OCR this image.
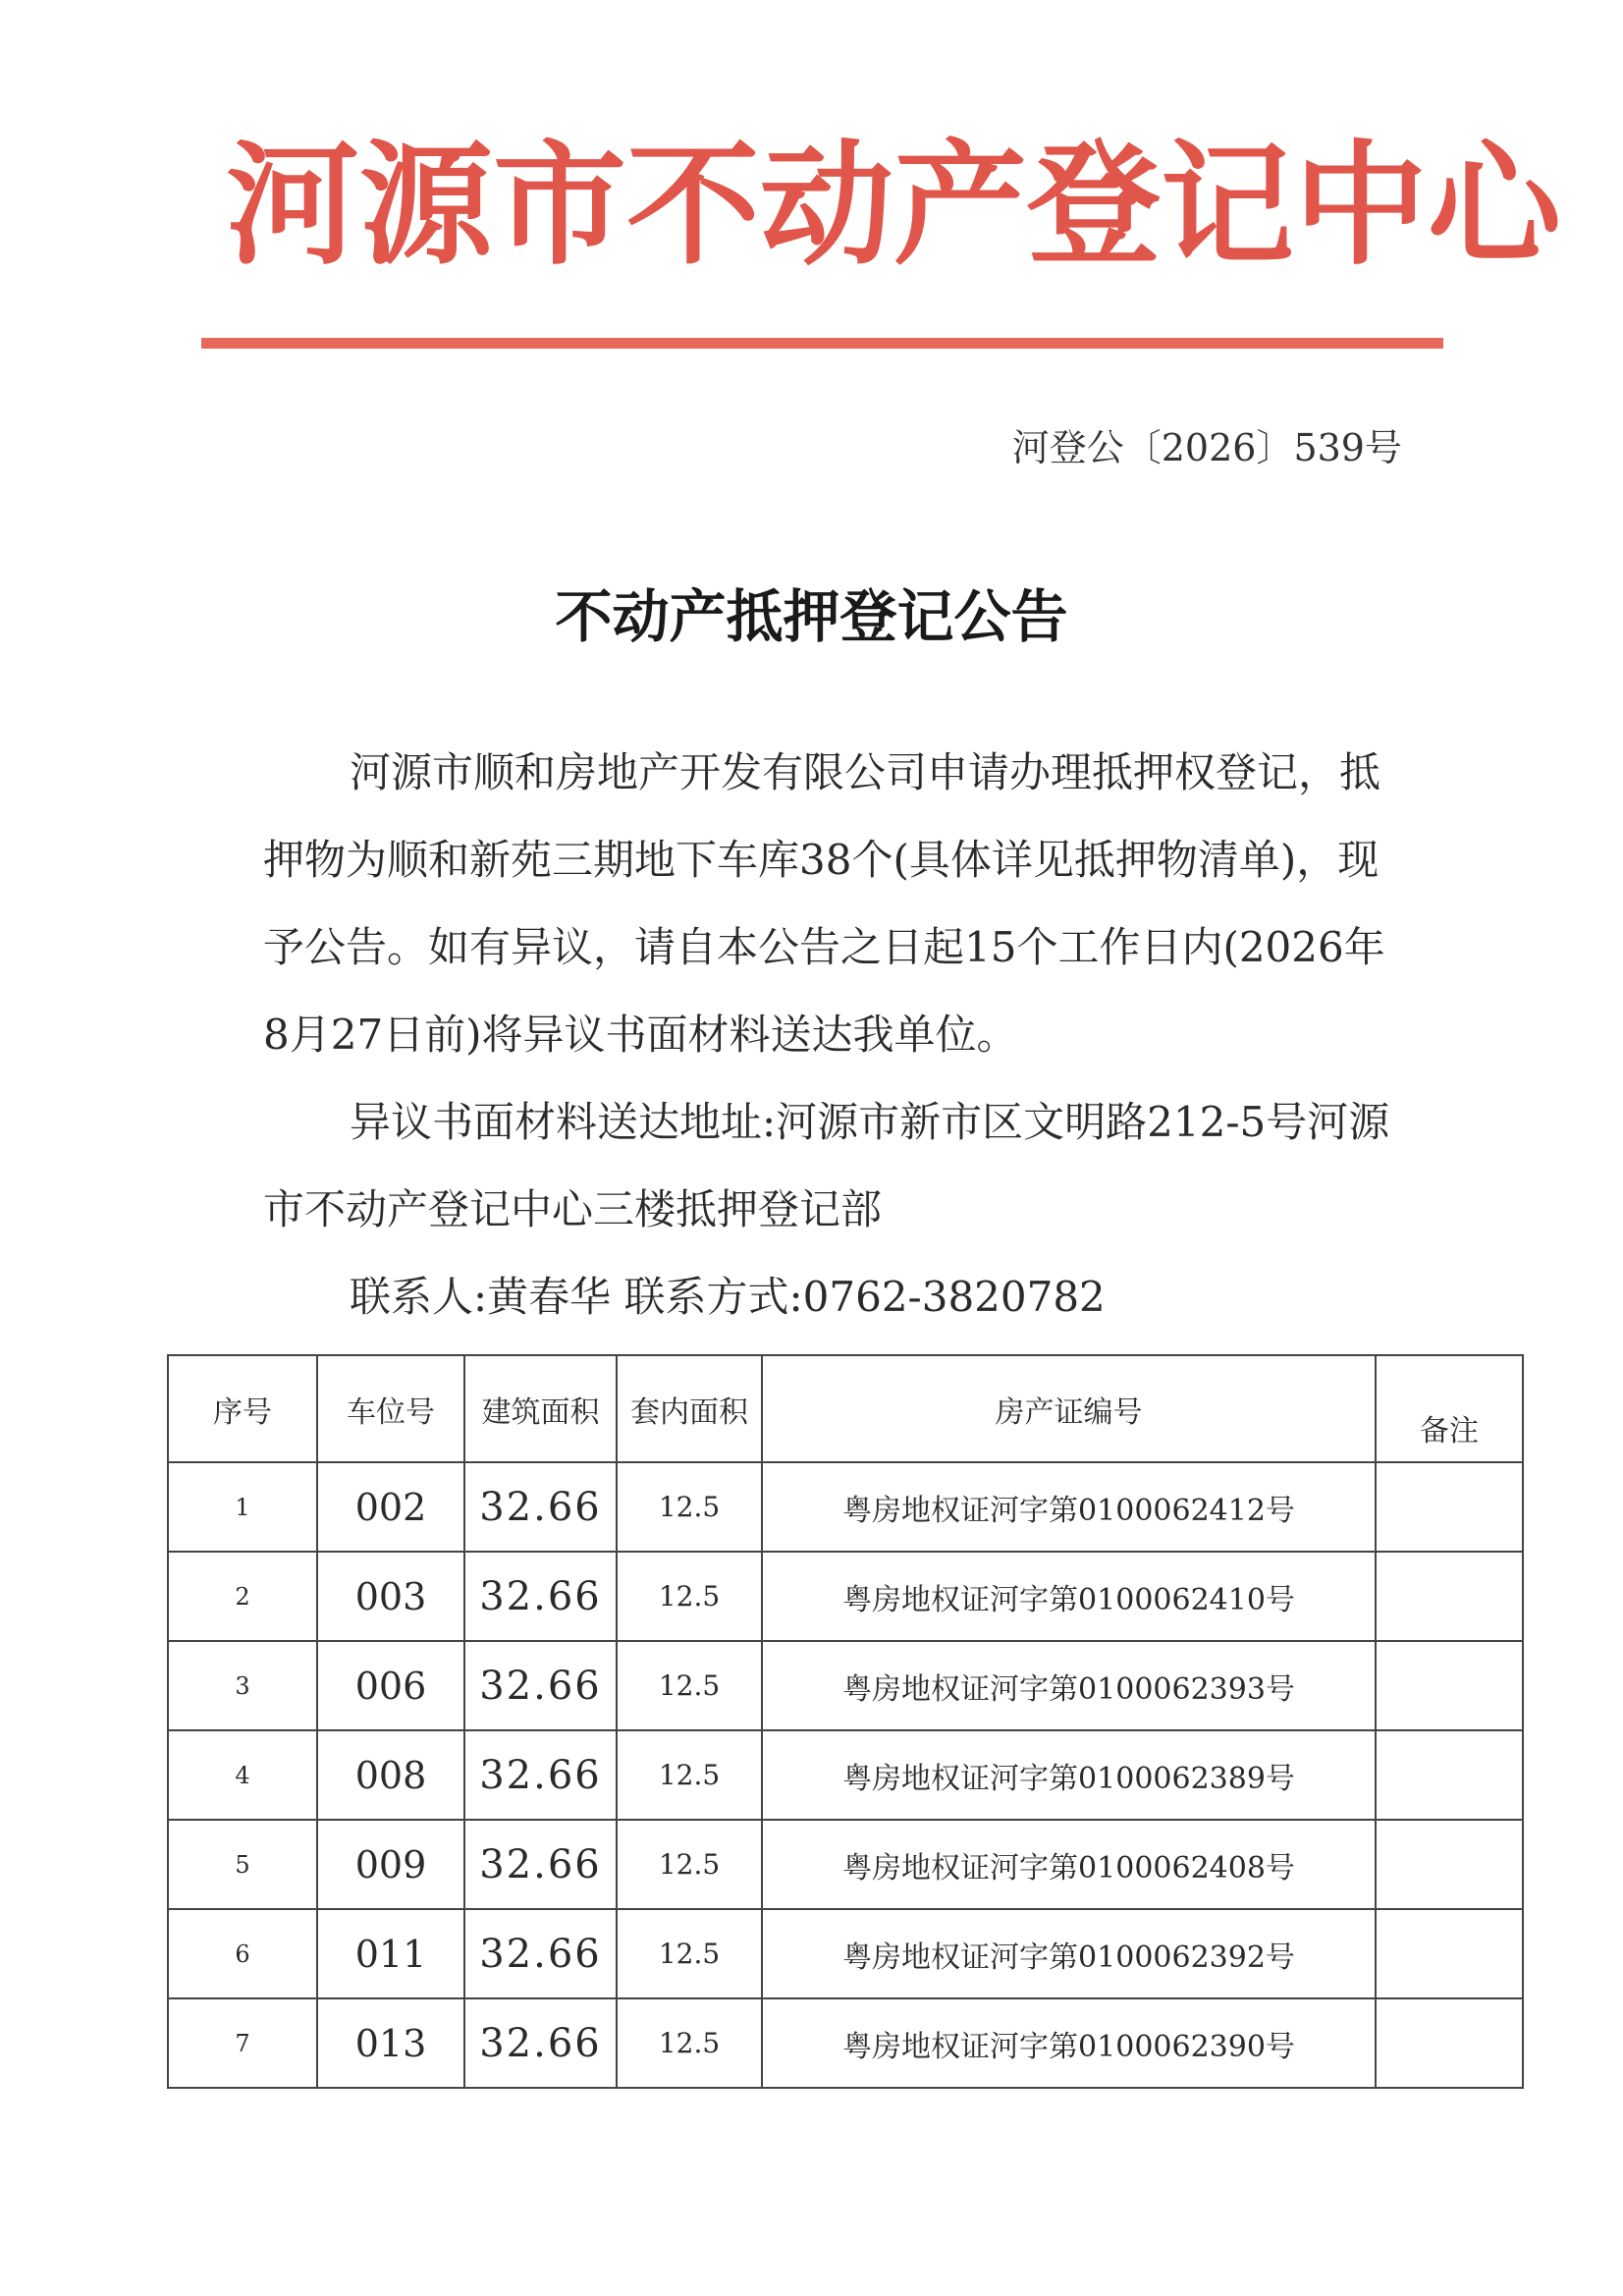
河 源 市 不 动 产 登 记 中 心
河登公〔2026〕539号
不动产抵押登记公告

河源市顺和房地产开发有限公司申请办理抵押权登记，抵押物为顺和新苑三期地下车库38个(具体详见抵押物清单)，现予公告。如有异议，请自本公告之日起15个工作日内(2026年8月27日前)将异议书面材料送达我单位。

异议书面材料送达地址:河源市新市区文明路212-5号河源市不动产登记中心三楼抵押登记部

联系人:黄春华 联系方式:0762-3820782

序号	车位号	建筑面积	套内面积	房产证编号	备注
1	002	32.66	12.5	粤房地权证河字第0100062412号	
2	003	32.66	12.5	粤房地权证河字第0100062410号	
3	006	32.66	12.5	粤房地权证河字第0100062393号	
4	008	32.66	12.5	粤房地权证河字第0100062389号	
5	009	32.66	12.5	粤房地权证河字第0100062408号	
6	011	32.66	12.5	粤房地权证河字第0100062392号	
7	013	32.66	12.5	粤房地权证河字第0100062390号	
